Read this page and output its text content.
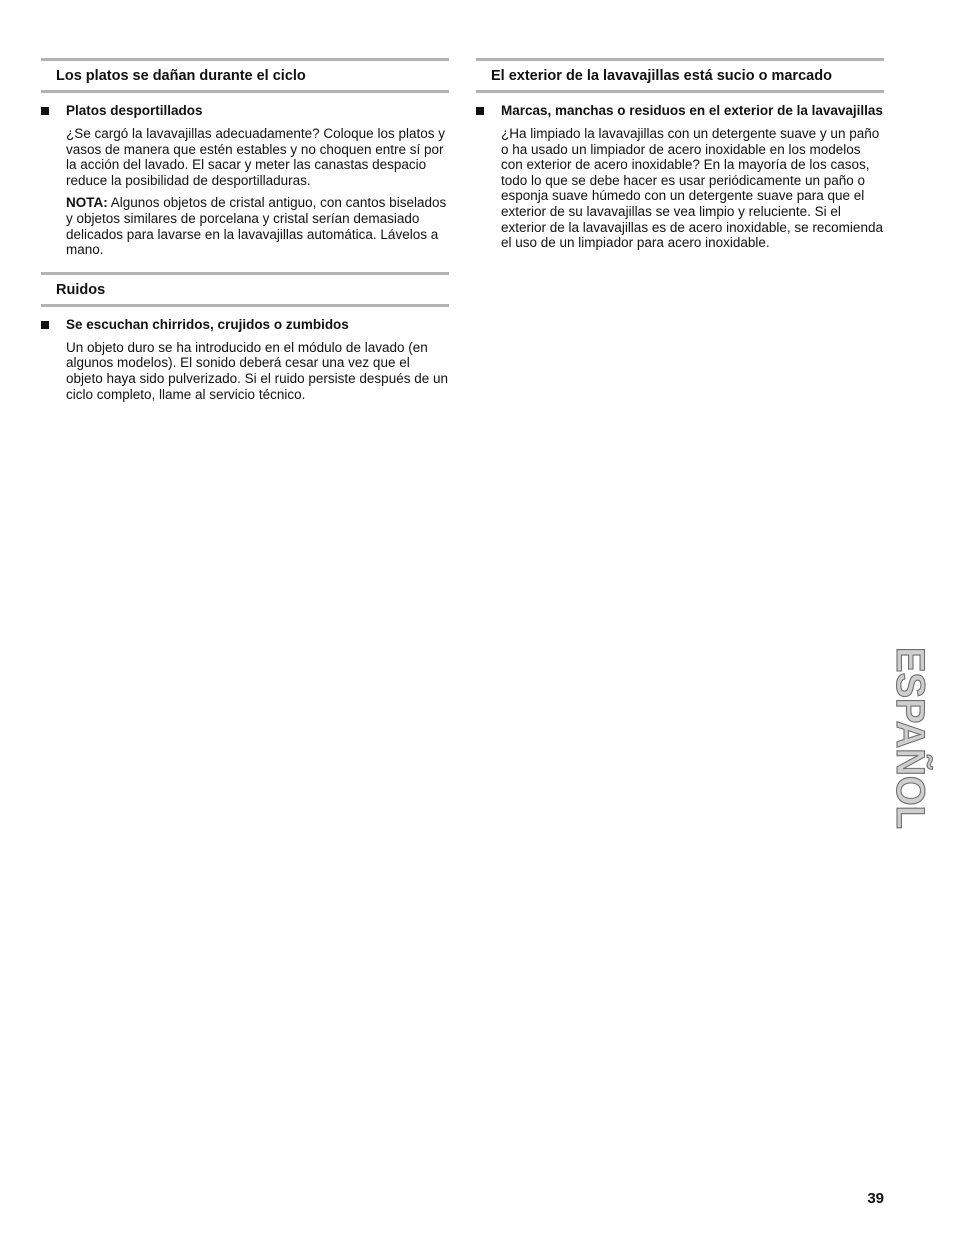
Los platos se dañan durante el ciclo
Platos desportillados

¿Se cargó la lavavajillas adecuadamente? Coloque los platos y vasos de manera que estén estables y no choquen entre sí por la acción del lavado. El sacar y meter las canastas despacio reduce la posibilidad de desportilladuras.

NOTA: Algunos objetos de cristal antiguo, con cantos biselados y objetos similares de porcelana y cristal serían demasiado delicados para lavarse en la lavavajillas automática. Lávelos a mano.

Ruidos
Se escuchan chirridos, crujidos o zumbidos

Un objeto duro se ha introducido en el módulo de lavado (en algunos modelos). El sonido deberá cesar una vez que el objeto haya sido pulverizado. Si el ruido persiste después de un ciclo completo, llame al servicio técnico.

El exterior de la lavavajillas está sucio o marcado
Marcas, manchas o residuos en el exterior de la lavavajillas

¿Ha limpiado la lavavajillas con un detergente suave y un paño o ha usado un limpiador de acero inoxidable en los modelos con exterior de acero inoxidable? En la mayoría de los casos, todo lo que se debe hacer es usar periódicamente un paño o esponja suave húmedo con un detergente suave para que el exterior de su lavavajillas se vea limpio y reluciente. Si el exterior de la lavavajillas es de acero inoxidable, se recomienda el uso de un limpiador para acero inoxidable.

ESPAÑOL
39
